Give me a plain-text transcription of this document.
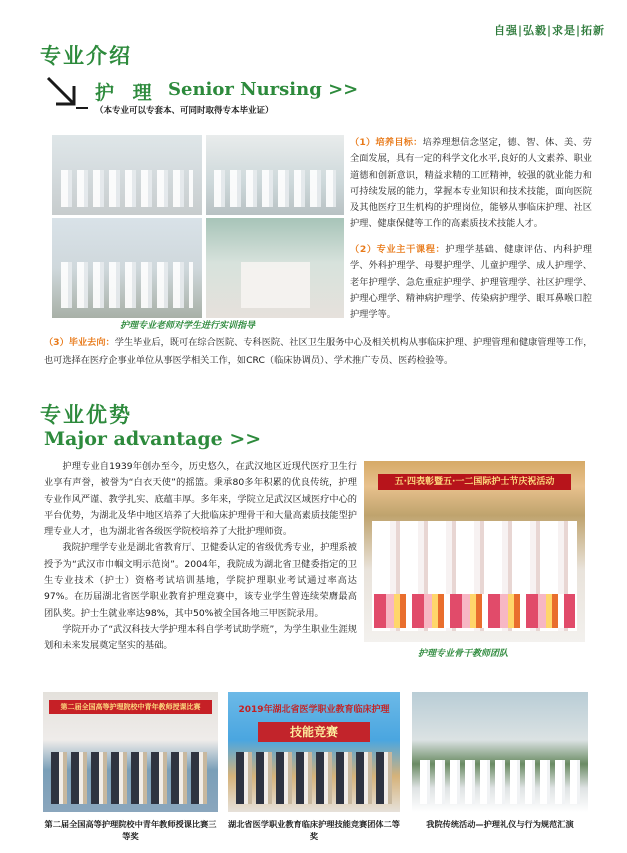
自强|弘毅|求是|拓新
专业介绍
护 理 Senior Nursing >>
（本专业可以专套本、可同时取得专本毕业证）
护理专业老师对学生进行实训指导
（1）培养目标：培养理想信念坚定，德、智、体、美、劳全面发展，具有一定的科学文化水平,良好的人文素养、职业道德和创新意识，精益求精的工匠精神，较强的就业能力和可持续发展的能力，掌握本专业知识和技术技能，面向医院及其他医疗卫生机构的护理岗位，能够从事临床护理、社区护理、健康保健等工作的高素质技术技能人才。
（2）专业主干课程：护理学基础、健康评估、内科护理学、外科护理学、母婴护理学、儿童护理学、成人护理学、老年护理学、急危重症护理学、护理管理学、社区护理学、护理心理学、精神病护理学、传染病护理学、眼耳鼻喉口腔护理学等。
（3）毕业去向：学生毕业后，既可在综合医院、专科医院、社区卫生服务中心及相关机构从事临床护理、护理管理和健康管理等工作，也可选择在医疗企事业单位从事医学相关工作，如CRC（临床协调员）、学术推广专员、医药检验等。
专业优势
Major advantage >>

护理专业自1939年创办至今，历史悠久，在武汉地区近现代医疗卫生行业享有声誉，被誉为“白衣天使”的摇篮。秉承80多年积累的优良传统，护理专业作风严谨、教学扎实、底蕴丰厚。多年来，学院立足武汉区域医疗中心的平台优势，为湖北及华中地区培养了大批临床护理骨干和大量高素质技能型护理专业人才，也为湖北省各级医学院校培养了大批护理师资。

我院护理学专业是湖北省教育厅、卫健委认定的省级优秀专业，护理系被授予为“武汉市巾帼文明示范岗”。2004年，我院成为湖北省卫健委指定的卫生专业技术（护士）资格考试培训基地，学院护理职业考试通过率高达97%。在历届湖北省医学职业教育护理竞赛中，该专业学生曾连续荣膺最高团队奖。护士生就业率达98%，其中50%被全国各地三甲医院录用。

学院开办了“武汉科技大学护理本科自学考试助学班”，为学生职业生涯规划和未来发展奠定坚实的基础。

五·四表彰暨五·一二国际护士节庆祝活动
护理专业骨干教师团队
第二届全国高等护理院校中青年教师授课比赛	2019年湖北省医学职业教育临床护理
技能竞赛
第二届全国高等护理院校中青年教师授课比赛三等奖
湖北省医学职业教育临床护理技能竞赛团体二等奖
我院传统活动—护理礼仪与行为规范汇演
